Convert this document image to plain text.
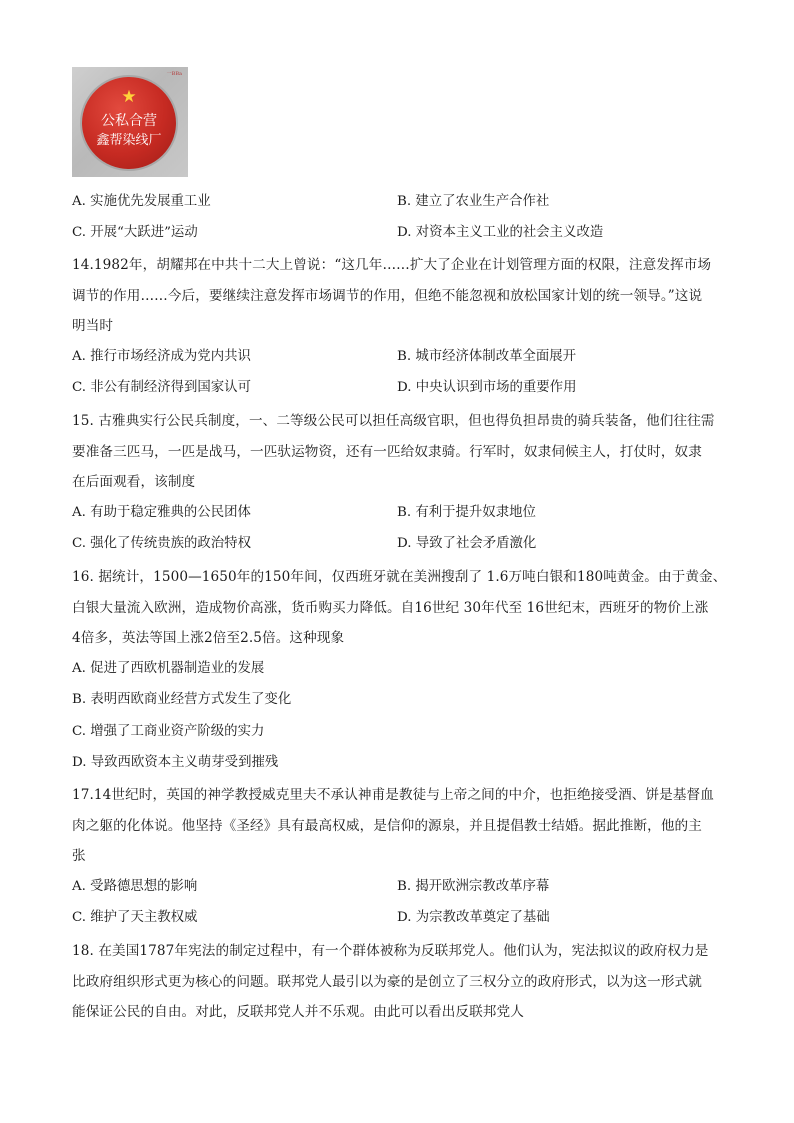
一BBa
★
公私合营
鑫帮染线厂
A. 实施优先发展重工业	B. 建立了农业生产合作社
C. 开展“大跃进”运动	D. 对资本主义工业的社会主义改造
14.1982年，胡耀邦在中共十二大上曾说：“这几年……扩大了企业在计划管理方面的权限，注意发挥市场
调节的作用……今后，要继续注意发挥市场调节的作用，但绝不能忽视和放松国家计划的统一领导。”这说
明当时
A. 推行市场经济成为党内共识	B. 城市经济体制改革全面展开
C. 非公有制经济得到国家认可	D. 中央认识到市场的重要作用
15. 古雅典实行公民兵制度，一、二等级公民可以担任高级官职，但也得负担昂贵的骑兵装备，他们往往需
要准备三匹马，一匹是战马，一匹驮运物资，还有一匹给奴隶骑。行军时，奴隶伺候主人，打仗时，奴隶
在后面观看，该制度
A. 有助于稳定雅典的公民团体	B. 有利于提升奴隶地位
C. 强化了传统贵族的政治特权	D. 导致了社会矛盾激化
16. 据统计，1500—1650年的150年间，仅西班牙就在美洲搜刮了 1.6万吨白银和180吨黄金。由于黄金、
白银大量流入欧洲，造成物价高涨，货币购买力降低。自16世纪 30年代至 16世纪末，西班牙的物价上涨
4倍多，英法等国上涨2倍至2.5倍。这种现象
A. 促进了西欧机器制造业的发展
B. 表明西欧商业经营方式发生了变化
C. 增强了工商业资产阶级的实力
D. 导致西欧资本主义萌芽受到摧残
17.14世纪时，英国的神学教授威克里夫不承认神甫是教徒与上帝之间的中介，也拒绝接受酒、饼是基督血
肉之躯的化体说。他坚持《圣经》具有最高权威，是信仰的源泉，并且提倡教士结婚。据此推断，他的主
张
A. 受路德思想的影响	B. 揭开欧洲宗教改革序幕
C. 维护了天主教权威	D. 为宗教改革奠定了基础
18. 在美国1787年宪法的制定过程中，有一个群体被称为反联邦党人。他们认为，宪法拟议的政府权力是
比政府组织形式更为核心的问题。联邦党人最引以为豪的是创立了三权分立的政府形式，以为这一形式就
能保证公民的自由。对此，反联邦党人并不乐观。由此可以看出反联邦党人
